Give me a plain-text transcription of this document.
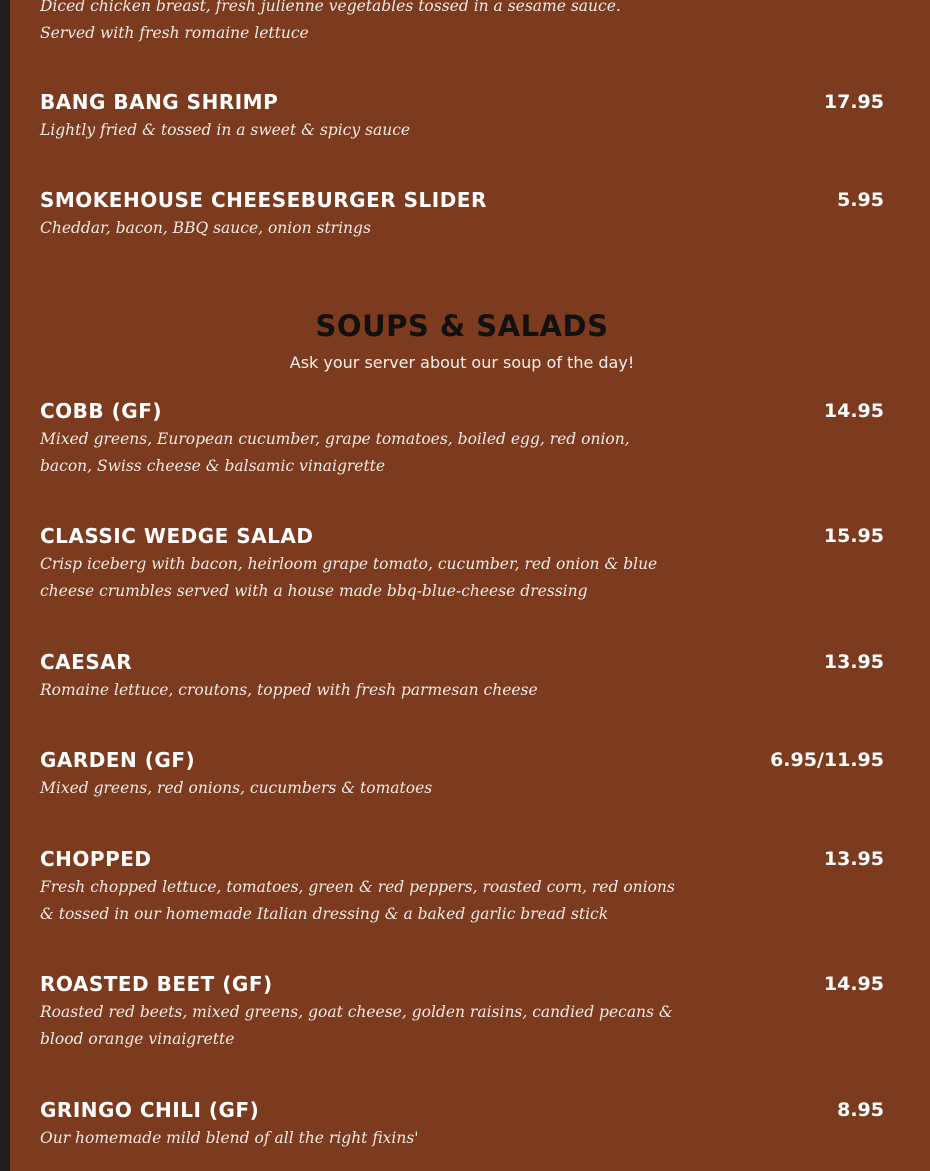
Diced chicken breast, fresh julienne vegetables tossed in a sesame sauce. Served with fresh romaine lettuce
BANG BANG SHRIMP	17.95
Lightly fried & tossed in a sweet & spicy sauce
SMOKEHOUSE CHEESEBURGER SLIDER	5.95
Cheddar, bacon, BBQ sauce, onion strings
SOUPS & SALADS
Ask your server about our soup of the day!
COBB (GF)	14.95
Mixed greens, European cucumber, grape tomatoes, boiled egg, red onion, bacon, Swiss cheese & balsamic vinaigrette
CLASSIC WEDGE SALAD	15.95
Crisp iceberg with bacon, heirloom grape tomato, cucumber, red onion & blue cheese crumbles served with a house made bbq-blue-cheese dressing
CAESAR	13.95
Romaine lettuce, croutons, topped with fresh parmesan cheese
GARDEN (GF)	6.95/11.95
Mixed greens, red onions, cucumbers & tomatoes
CHOPPED	13.95
Fresh chopped lettuce, tomatoes, green & red peppers, roasted corn, red onions & tossed in our homemade Italian dressing & a baked garlic bread stick
ROASTED BEET (GF)	14.95
Roasted red beets, mixed greens, goat cheese, golden raisins, candied pecans & blood orange vinaigrette
GRINGO CHILI (GF)	8.95
Our homemade mild blend of all the right fixins'
